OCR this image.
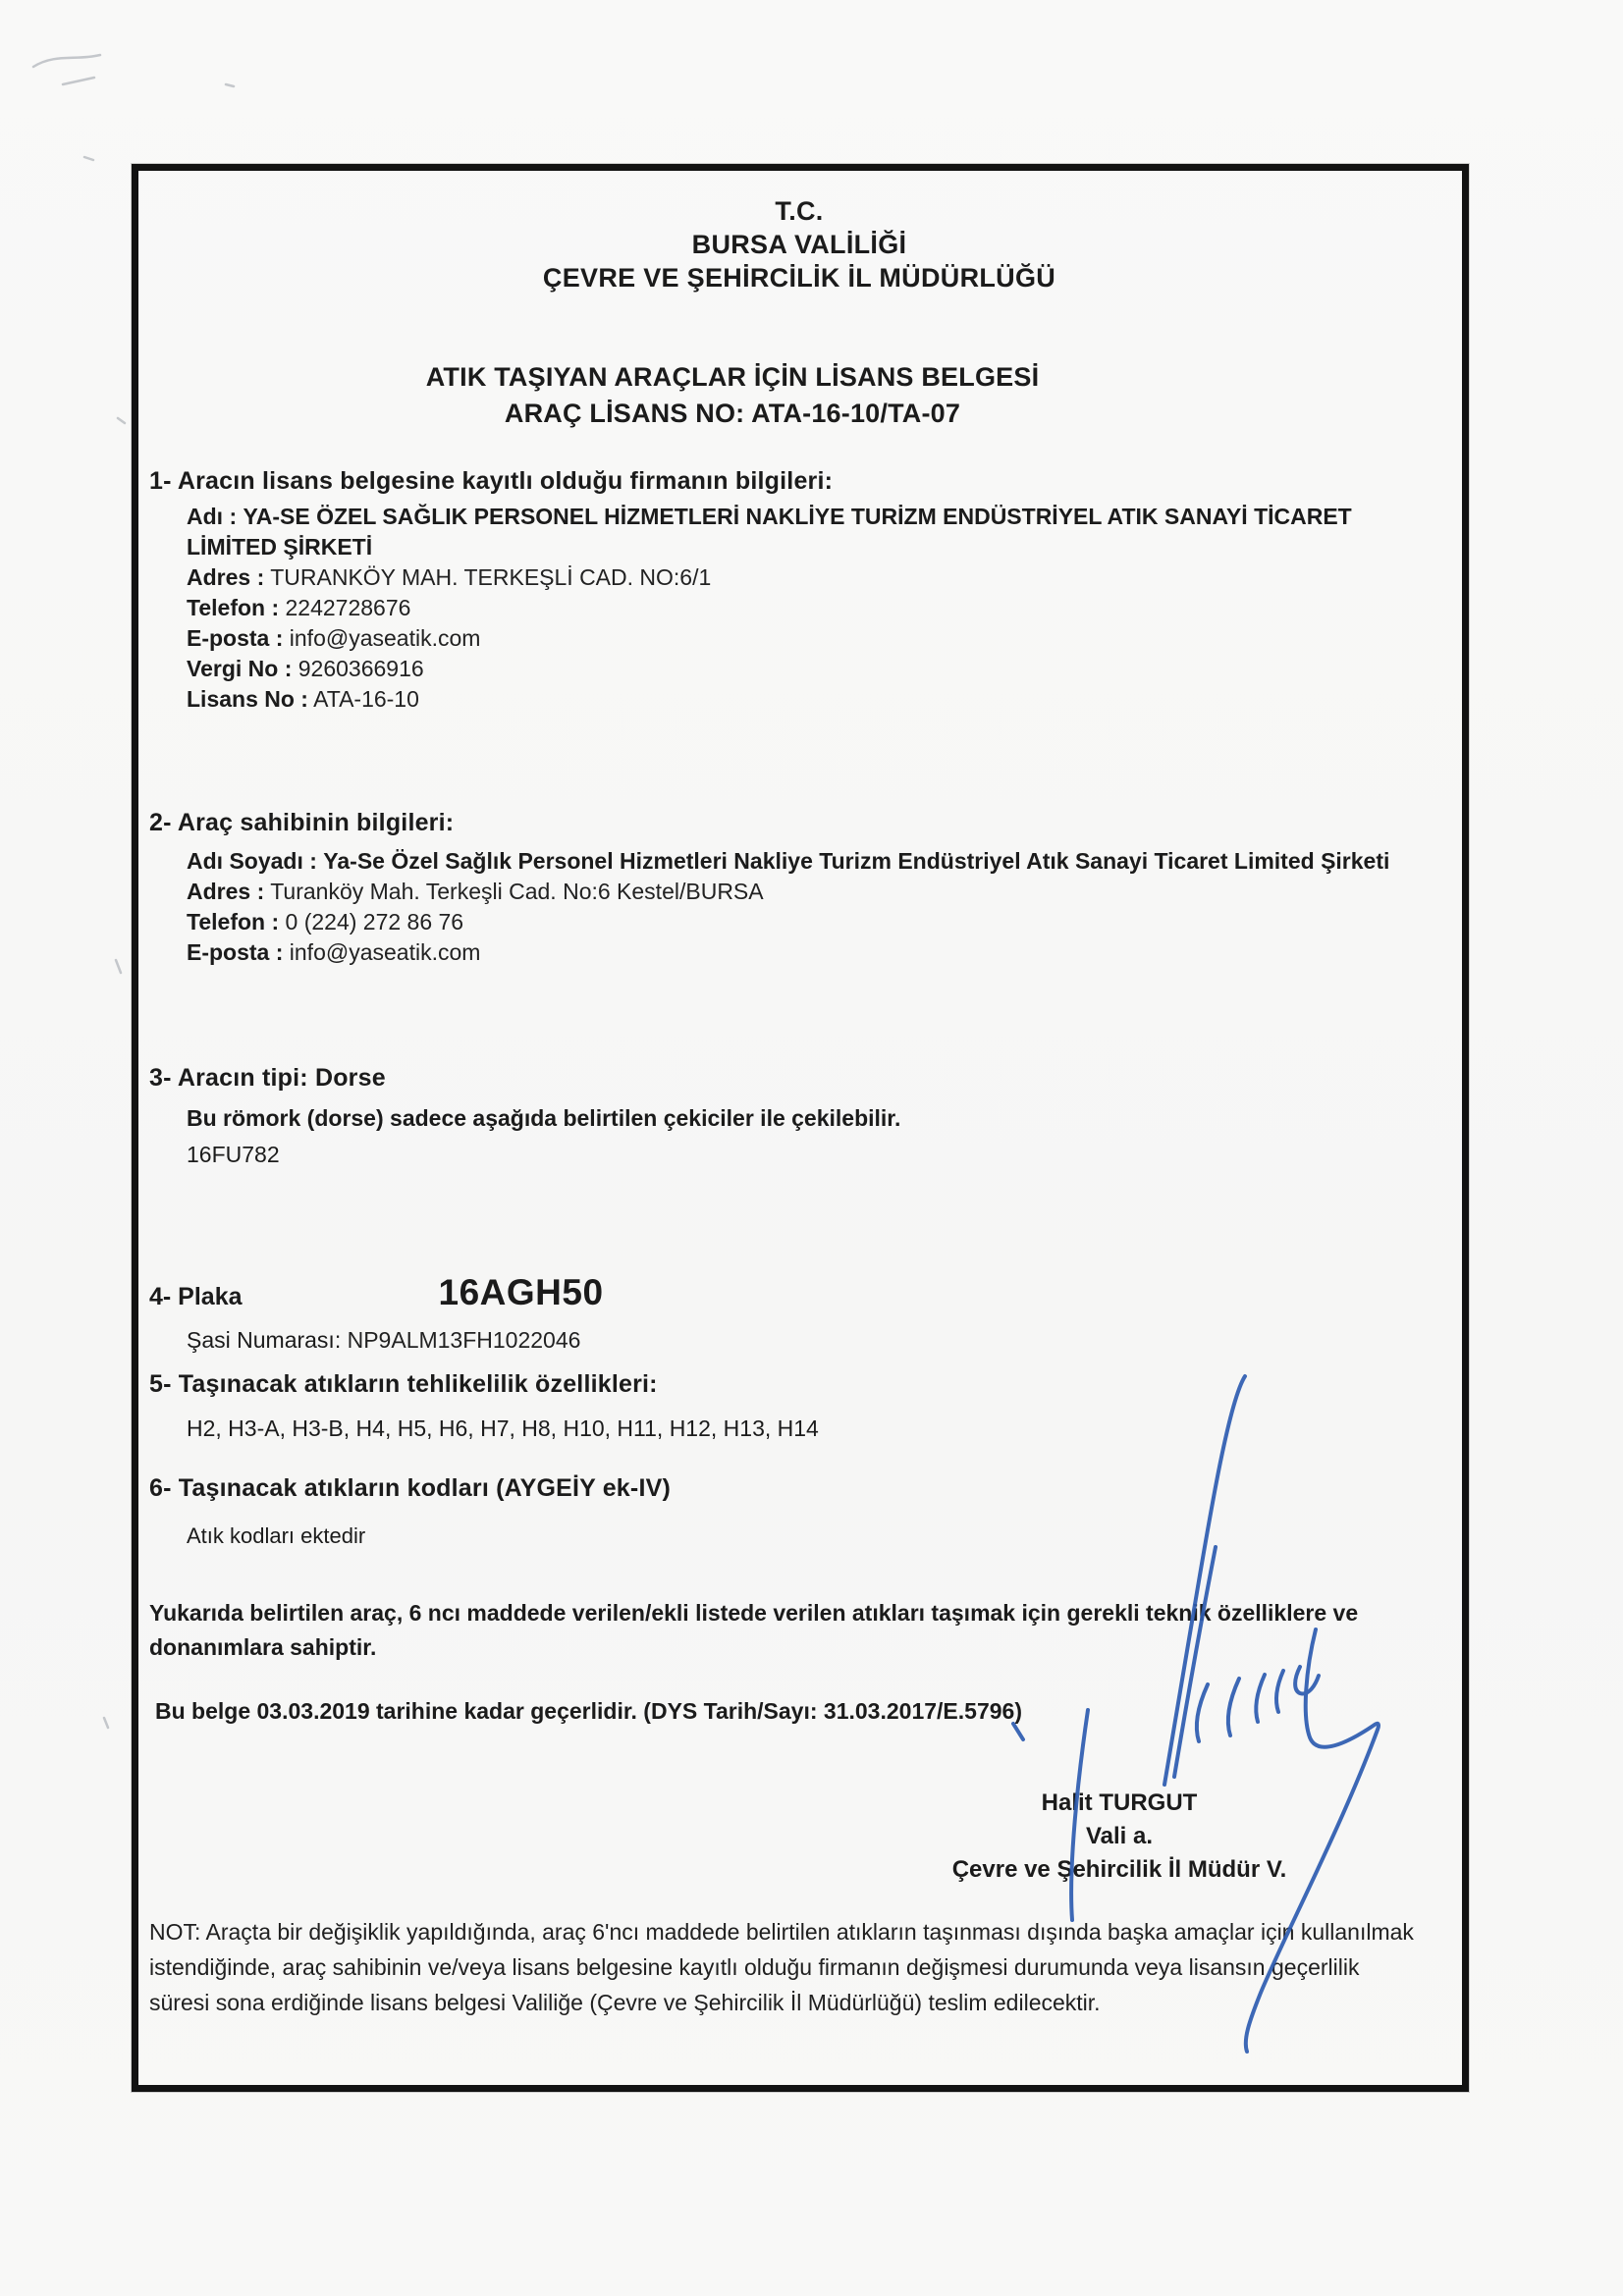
T.C.
BURSA VALİLİĞİ
ÇEVRE VE ŞEHİRCİLİK İL MÜDÜRLÜĞÜ
ATIK TAŞIYAN ARAÇLAR İÇİN LİSANS BELGESİ
ARAÇ LİSANS NO: ATA-16-10/TA-07
1- Aracın lisans belgesine kayıtlı olduğu firmanın bilgileri:
Adı : YA-SE ÖZEL SAĞLIK PERSONEL HİZMETLERİ NAKLİYE TURİZM ENDÜSTRİYEL ATIK SANAYİ TİCARET LİMİTED ŞİRKETİ
Adres : TURANKÖY MAH. TERKEŞLİ CAD. NO:6/1
Telefon : 2242728676
E-posta : info@yaseatik.com
Vergi No : 9260366916
Lisans No : ATA-16-10
2- Araç sahibinin bilgileri:
Adı Soyadı : Ya-Se Özel Sağlık Personel Hizmetleri Nakliye Turizm Endüstriyel Atık Sanayi Ticaret Limited Şirketi
Adres : Turanköy Mah. Terkeşli Cad. No:6 Kestel/BURSA
Telefon : 0 (224) 272 86 76
E-posta : info@yaseatik.com
3- Aracın tipi: Dorse
Bu römork (dorse) sadece aşağıda belirtilen çekiciler ile çekilebilir.
16FU782
4- Plaka	16AGH50
Şasi Numarası: NP9ALM13FH1022046
5- Taşınacak atıkların tehlikelilik özellikleri:
H2, H3-A, H3-B, H4, H5, H6, H7, H8, H10, H11, H12, H13, H14
6- Taşınacak atıkların kodları (AYGEİY ek-IV)
Atık kodları ektedir
Yukarıda belirtilen araç, 6 ncı maddede verilen/ekli listede verilen atıkları taşımak için gerekli teknik özelliklere ve donanımlara sahiptir.
Bu belge 03.03.2019 tarihine kadar geçerlidir. (DYS Tarih/Sayı: 31.03.2017/E.5796)
Halit TURGUT
Vali a.
Çevre ve Şehircilik İl Müdür V.
NOT: Araçta bir değişiklik yapıldığında, araç 6'ncı maddede belirtilen atıkların taşınması dışında başka amaçlar için kullanılmak istendiğinde, araç sahibinin ve/veya lisans belgesine kayıtlı olduğu firmanın değişmesi durumunda veya lisansın geçerlilik süresi sona erdiğinde lisans belgesi Valiliğe (Çevre ve Şehircilik İl Müdürlüğü) teslim edilecektir.
